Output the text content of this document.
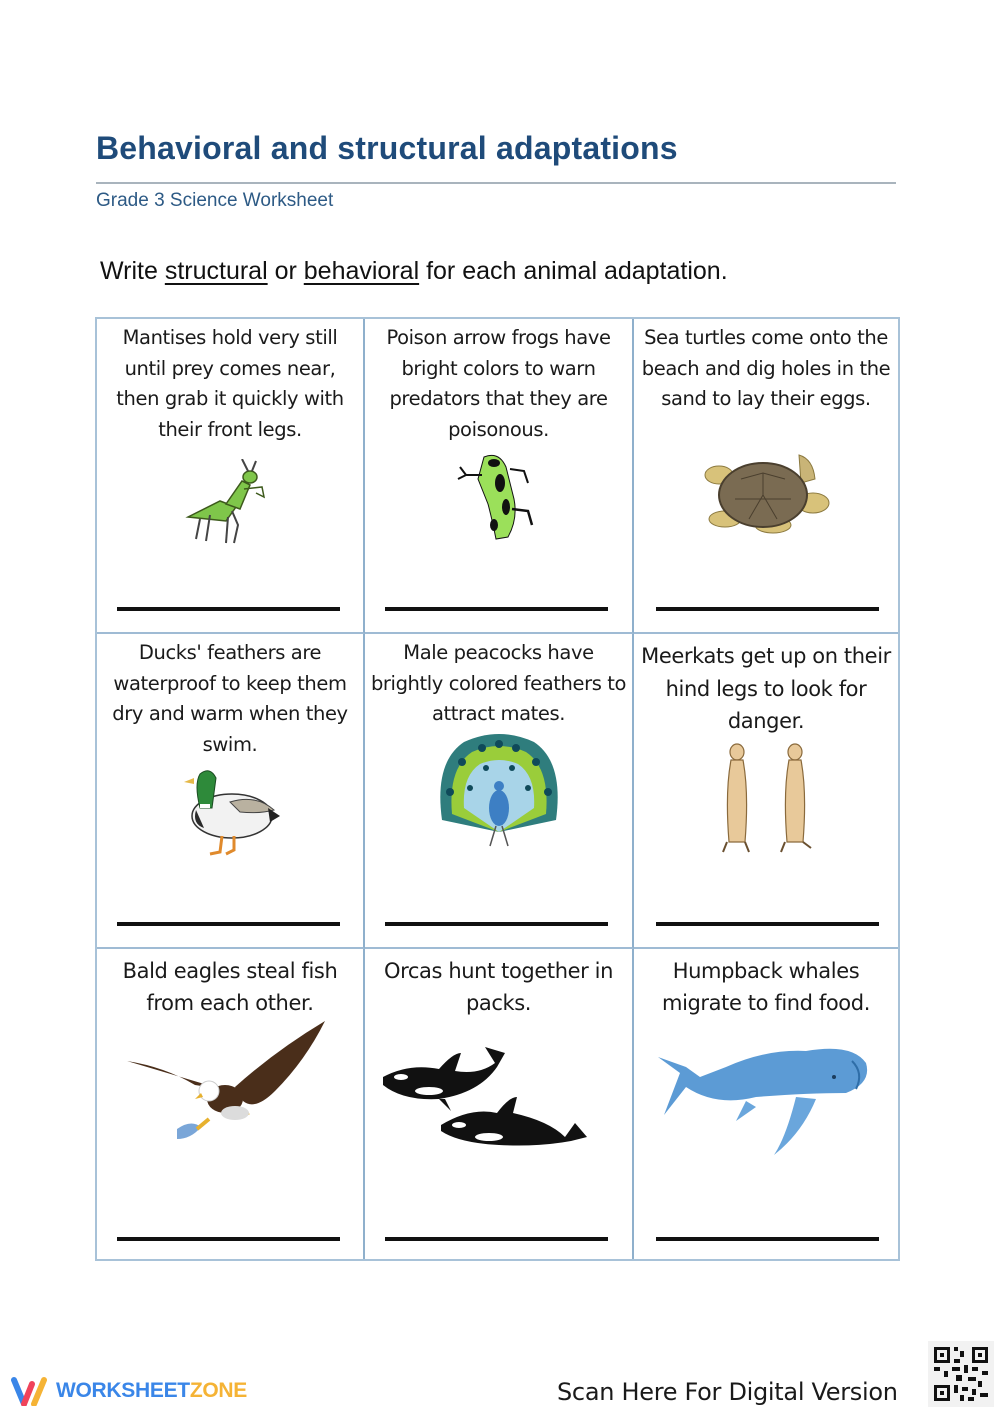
Behavioral and structural adaptations
Grade 3 Science Worksheet
Write structural or behavioral for each animal adaptation.
Mantises hold very still until prey comes near, then grab it quickly with their front legs.
Poison arrow frogs have bright colors to warn predators that they are poisonous.
Sea turtles come onto the beach and dig holes in the sand to lay their eggs.
Ducks' feathers are waterproof to keep them dry and warm when they swim.
Male peacocks have brightly colored feathers to attract mates.
Meerkats get up on their hind legs to look for danger.
Bald eagles steal fish from each other.
Orcas hunt together in packs.
Humpback whales migrate to find food.
WORKSHEETZONE	Scan Here For Digital Version
